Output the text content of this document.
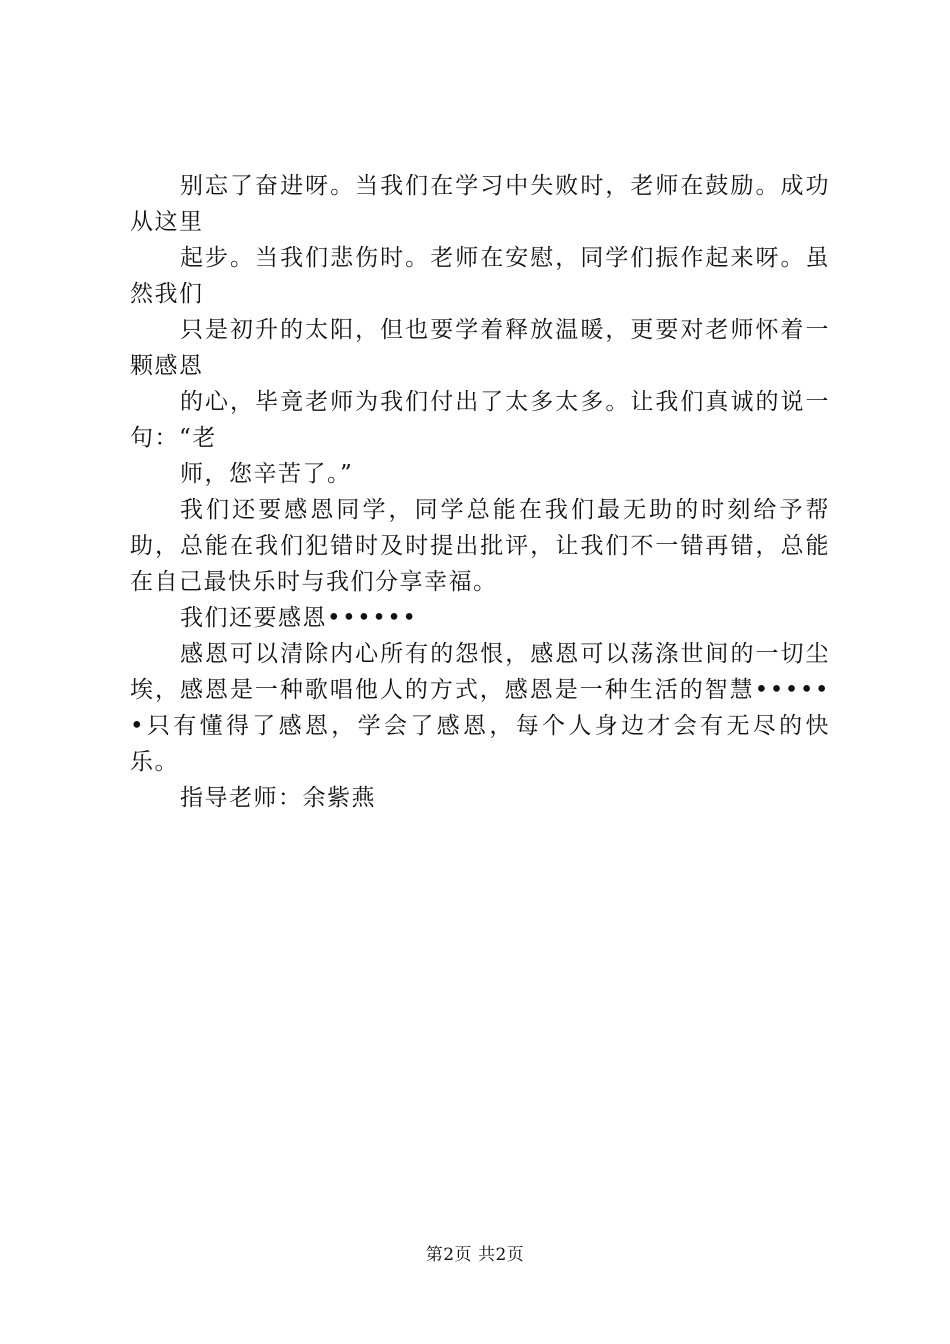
别忘了奋进呀。当我们在学习中失败时，老师在鼓励。成功从这里

起步。当我们悲伤时。老师在安慰，同学们振作起来呀。虽然我们

只是初升的太阳，但也要学着释放温暖，更要对老师怀着一颗感恩

的心，毕竟老师为我们付出了太多太多。让我们真诚的说一句：“老

师，您辛苦了。”

我们还要感恩同学，同学总能在我们最无助的时刻给予帮助，总能在我们犯错时及时提出批评，让我们不一错再错，总能在自己最快乐时与我们分享幸福。

我们还要感恩••••••

感恩可以清除内心所有的怨恨，感恩可以荡涤世间的一切尘埃，感恩是一种歌唱他人的方式，感恩是一种生活的智慧••••••只有懂得了感恩，学会了感恩，每个人身边才会有无尽的快乐。

指导老师：余紫燕

第2页 共2页
